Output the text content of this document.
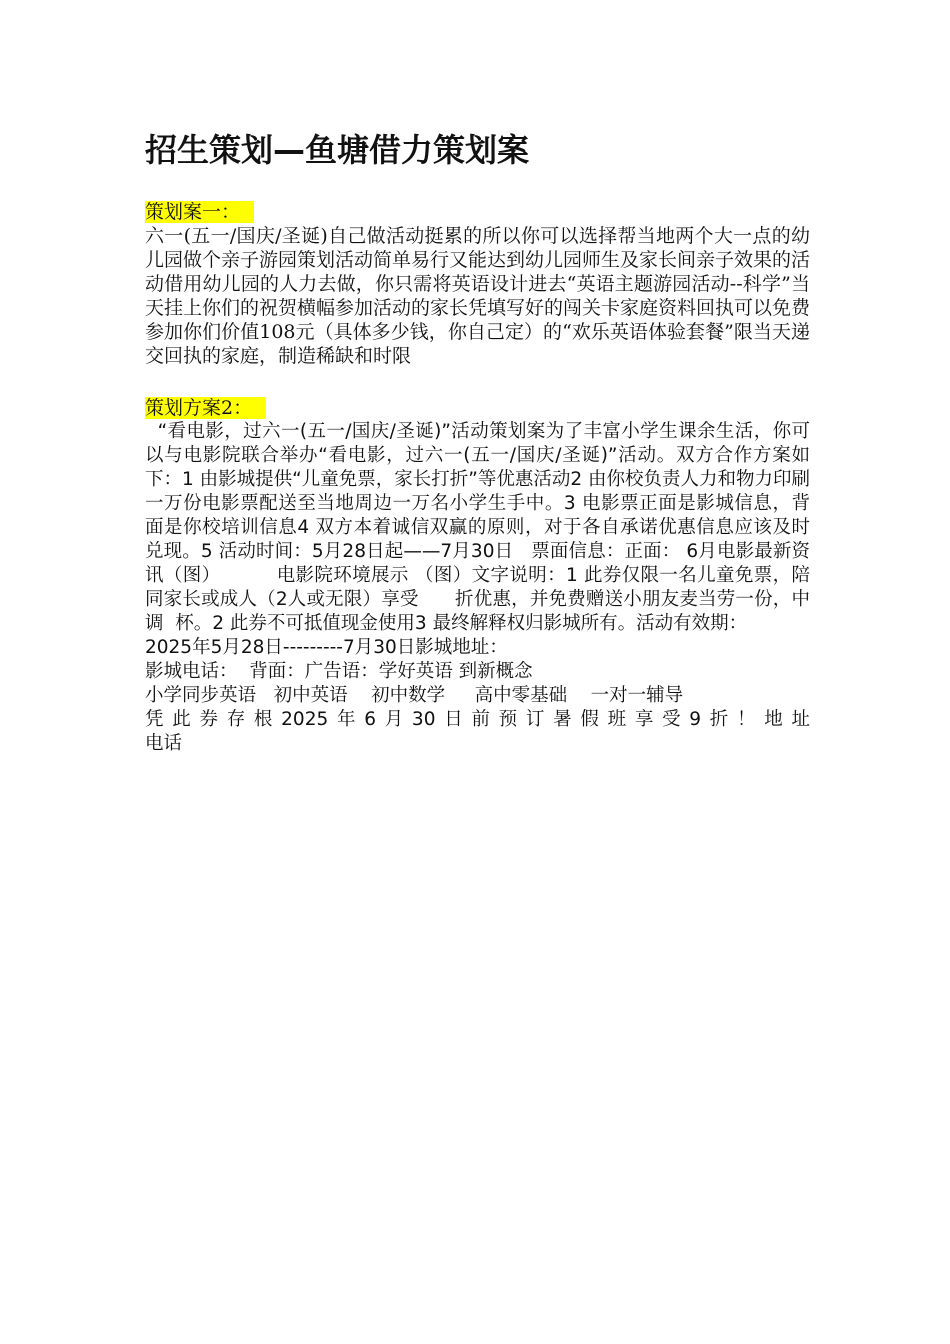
招生策划—鱼塘借力策划案
策划案一：

六一(五一/国庆/圣诞)自己做活动挺累的所以你可以选择帮当地两个大一点的幼儿园做个亲子游园策划活动简单易行又能达到幼儿园师生及家长间亲子效果的活动借用幼儿园的人力去做，你只需将英语设计进去“英语主题游园活动--科学”当天挂上你们的祝贺横幅参加活动的家长凭填写好的闯关卡家庭资料回执可以免费参加你们价值108元（具体多少钱，你自己定）的“欢乐英语体验套餐”限当天递交回执的家庭，制造稀缺和时限

策划方案2：

“看电影，过六一(五一/国庆/圣诞)”活动策划案为了丰富小学生课余生活，你可以与电影院联合举办“看电影，过六一(五一/国庆/圣诞)”活动。双方合作方案如下：1 由影城提供“儿童免票，家长打折”等优惠活动2 由你校负责人力和物力印刷一万份电影票配送至当地周边一万名小学生手中。3 电影票正面是影城信息，背面是你校培训信息4 双方本着诚信双赢的原则，对于各自承诺优惠信息应该及时兑现。5 活动时间：5月28日起——7月30日   票面信息：正面： 6月电影最新资讯（图）         电影院环境展示 （图）文字说明：1 此券仅限一名儿童免票，陪同家长或成人（2人或无限）享受      折优惠，并免费赠送小朋友麦当劳一份，中调  杯。2 此券不可抵值现金使用3 最终解释权归影城所有。活动有效期：

2025年5月28日---------7月30日影城地址：

影城电话：  背面：广告语：学好英语 到新概念

小学同步英语   初中英语    初中数学     高中零基础    一对一辅导

凭此券存根2025年6月30日前预订暑假班享受9折！地址

电话
